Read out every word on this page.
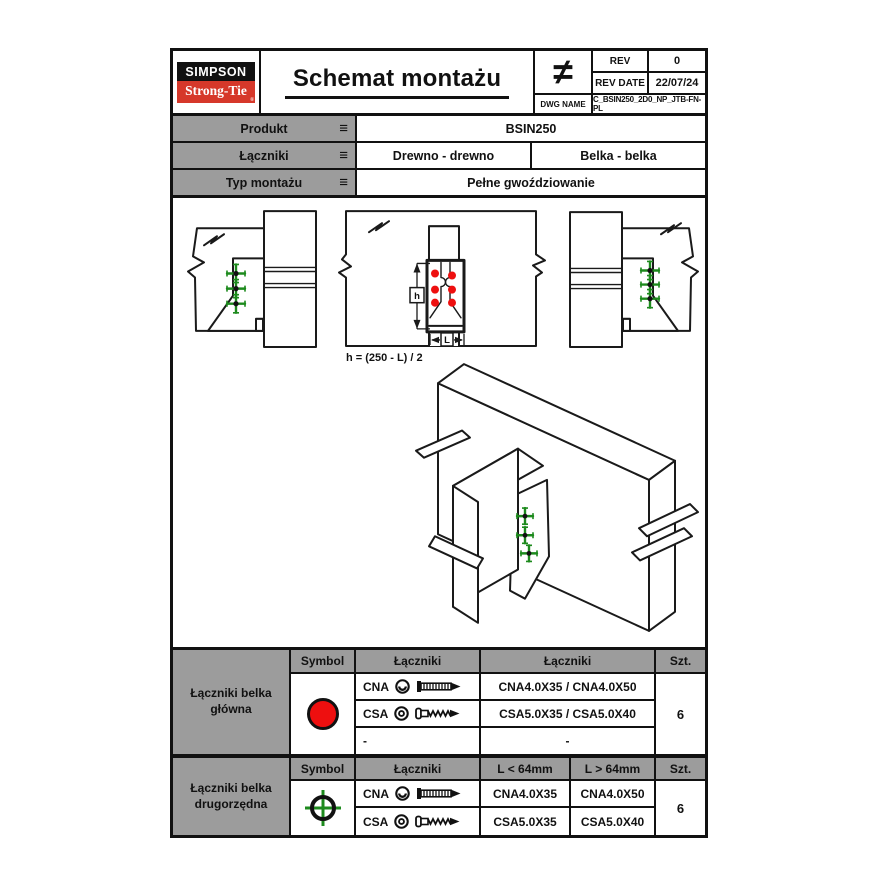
SIMPSON
Strong-Tie
®
Schemat montażu	≠	REV	0
REV DATE 22/07/24
DWG NAME C_BSIN250_2D0_NP_JTB-FN-PL
Produkt	≡	BSIN250
Łączniki	≡	Drewno - drewno	Belka - belka
Typ montażu ≡	Pełne gwoździowanie
h
L
h = (250 - L) / 2
Łączniki belka główna
Symbol	Łączniki	Łączniki	Szt.
CNA	CNA4.0X35 / CNA4.0X50
CSA	CSA5.0X35 / CSA5.0X40
-	-
6
Łączniki belka drugorzędna
Symbol	Łączniki	L < 64mm	L > 64mm	Szt.
CNA	CNA4.0X35	CNA4.0X50
CSA	CSA5.0X35	CSA5.0X40
6
